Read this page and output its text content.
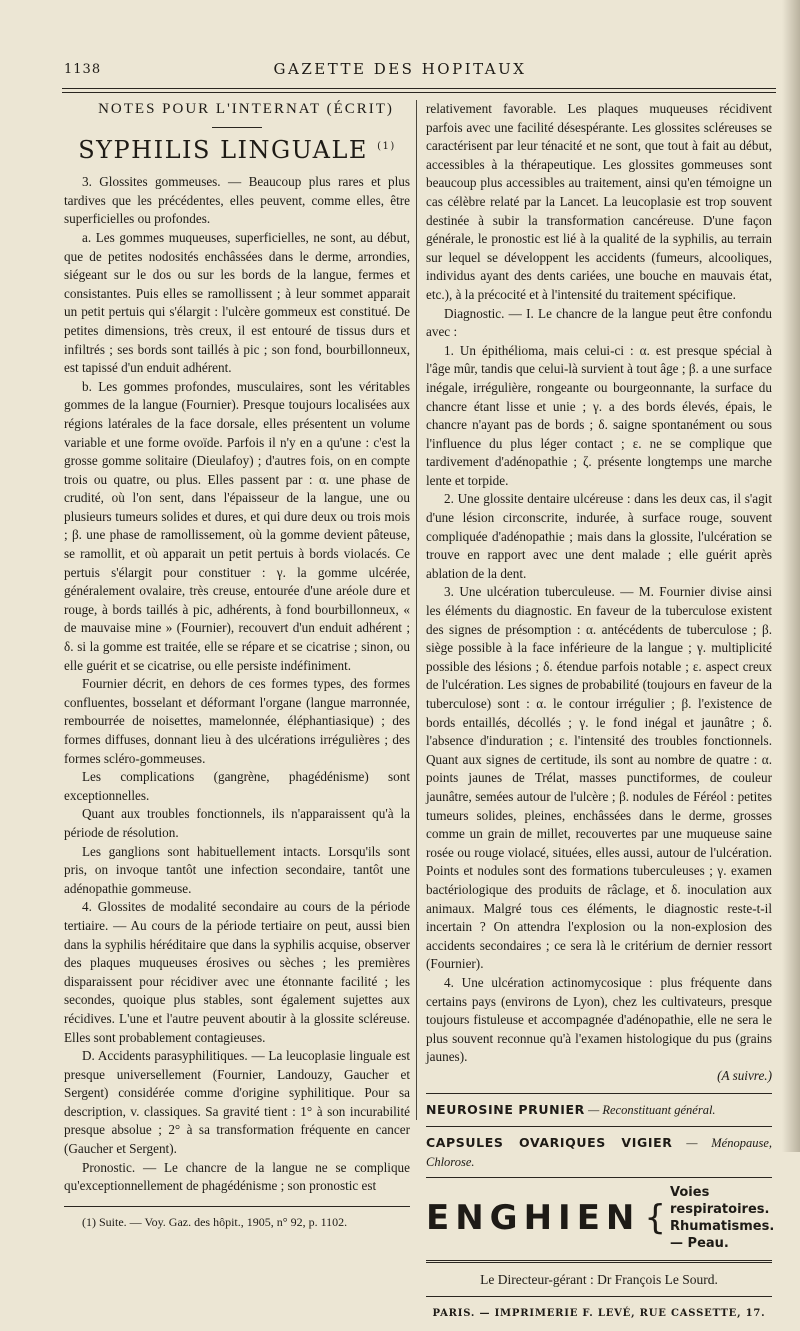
1138	GAZETTE DES HOPITAUX

NOTES POUR L'INTERNAT (ÉCRIT)

SYPHILIS LINGUALE $^{(1)}$

3. Glossites gommeuses. — Beaucoup plus rares et plus tardives que les précédentes, elles peuvent, comme elles, être superficielles ou profondes.

a. Les gommes muqueuses, superficielles, ne sont, au début, que de petites nodosités enchâssées dans le derme, arrondies, siégeant sur le dos ou sur les bords de la langue, fermes et consistantes. Puis elles se ramollissent ; à leur sommet apparait un petit pertuis qui s'élargit : l'ulcère gommeux est constitué. De petites dimensions, très creux, il est entouré de tissus durs et infiltrés ; ses bords sont taillés à pic ; son fond, bourbillonneux, est tapissé d'un enduit adhérent.

b. Les gommes profondes, musculaires, sont les véritables gommes de la langue (Fournier). Presque toujours localisées aux régions latérales de la face dorsale, elles présentent un volume variable et une forme ovoïde. Parfois il n'y en a qu'une : c'est la grosse gomme solitaire (Dieulafoy) ; d'autres fois, on en compte trois ou quatre, ou plus. Elles passent par : α. une phase de crudité, où l'on sent, dans l'épaisseur de la langue, une ou plusieurs tumeurs solides et dures, et qui dure deux ou trois mois ; β. une phase de ramollissement, où la gomme devient pâteuse, se ramollit, et où apparait un petit pertuis à bords violacés. Ce pertuis s'élargit pour constituer : γ. la gomme ulcérée, généralement ovalaire, très creuse, entourée d'une aréole dure et rouge, à bords taillés à pic, adhérents, à fond bourbillonneux, « de mauvaise mine » (Fournier), recouvert d'un enduit adhérent ; δ. si la gomme est traitée, elle se répare et se cicatrise ; sinon, ou elle guérit et se cicatrise, ou elle persiste indéfiniment.

Fournier décrit, en dehors de ces formes types, des formes confluentes, bosselant et déformant l'organe (langue marronnée, rembourrée de noisettes, mamelonnée, éléphantiasique) ; des formes diffuses, donnant lieu à des ulcérations irrégulières ; des formes scléro-gommeuses.

Les complications (gangrène, phagédénisme) sont exceptionnelles.

Quant aux troubles fonctionnels, ils n'apparaissent qu'à la période de résolution.

Les ganglions sont habituellement intacts. Lorsqu'ils sont pris, on invoque tantôt une infection secondaire, tantôt une adénopathie gommeuse.

4. Glossites de modalité secondaire au cours de la période tertiaire. — Au cours de la période tertiaire on peut, aussi bien dans la syphilis héréditaire que dans la syphilis acquise, observer des plaques muqueuses érosives ou sèches ; les premières disparaissent pour récidiver avec une étonnante facilité ; les secondes, quoique plus stables, sont également sujettes aux récidives. L'une et l'autre peuvent aboutir à la glossite scléreuse. Elles sont probablement contagieuses.

D. Accidents parasyphilitiques. — La leucoplasie linguale est presque universellement (Fournier, Landouzy, Gaucher et Sergent) considérée comme d'origine syphilitique. Pour sa description, v. classiques. Sa gravité tient : 1° à son incurabilité presque absolue ; 2° à sa transformation fréquente en cancer (Gaucher et Sergent).

Pronostic. — Le chancre de la langue ne se complique qu'exceptionnellement de phagédénisme ; son pronostic est

(1) Suite. — Voy. Gaz. des hôpit., 1905, n° 92, p. 1102.

relativement favorable. Les plaques muqueuses récidivent parfois avec une facilité désespérante. Les glossites scléreuses se caractérisent par leur ténacité et ne sont, que tout à fait au début, accessibles à la thérapeutique. Les glossites gommeuses sont beaucoup plus accessibles au traitement, ainsi qu'en témoigne un cas célèbre relaté par la Lancet. La leucoplasie est trop souvent destinée à subir la transformation cancéreuse. D'une façon générale, le pronostic est lié à la qualité de la syphilis, au terrain sur lequel se développent les accidents (fumeurs, alcooliques, individus ayant des dents cariées, une bouche en mauvais état, etc.), à la précocité et à l'intensité du traitement spécifique.

Diagnostic. — I. Le chancre de la langue peut être confondu avec :

1. Un épithélioma, mais celui-ci : α. est presque spécial à l'âge mûr, tandis que celui-là survient à tout âge ; β. a une surface inégale, irrégulière, rongeante ou bourgeonnante, la surface du chancre étant lisse et unie ; γ. a des bords élevés, épais, le chancre n'ayant pas de bords ; δ. saigne spontanément ou sous l'influence du plus léger contact ; ε. ne se complique que tardivement d'adénopathie ; ζ. présente longtemps une marche lente et torpide.

2. Une glossite dentaire ulcéreuse : dans les deux cas, il s'agit d'une lésion circonscrite, indurée, à surface rouge, souvent compliquée d'adénopathie ; mais dans la glossite, l'ulcération se trouve en rapport avec une dent malade ; elle guérit après ablation de la dent.

3. Une ulcération tuberculeuse. — M. Fournier divise ainsi les éléments du diagnostic. En faveur de la tuberculose existent des signes de présomption : α. antécédents de tuberculose ; β. siège possible à la face inférieure de la langue ; γ. multiplicité possible des lésions ; δ. étendue parfois notable ; ε. aspect creux de l'ulcération. Les signes de probabilité (toujours en faveur de la tuberculose) sont : α. le contour irrégulier ; β. l'existence de bords entaillés, décollés ; γ. le fond inégal et jaunâtre ; δ. l'absence d'induration ; ε. l'intensité des troubles fonctionnels. Quant aux signes de certitude, ils sont au nombre de quatre : α. points jaunes de Trélat, masses punctiformes, de couleur jaunâtre, semées autour de l'ulcère ; β. nodules de Féréol : petites tumeurs solides, pleines, enchâssées dans le derme, grosses comme un grain de millet, recouvertes par une muqueuse saine rosée ou rouge violacé, situées, elles aussi, autour de l'ulcération. Points et nodules sont des formations tuberculeuses ; γ. examen bactériologique des produits de râclage, et δ. inoculation aux animaux. Malgré tous ces éléments, le diagnostic reste-t-il incertain ? On attendra l'explosion ou la non-explosion des accidents secondaires ; ce sera là le critérium de dernier ressort (Fournier).

4. Une ulcération actinomycosique : plus fréquente dans certains pays (environs de Lyon), chez les cultivateurs, presque toujours fistuleuse et accompagnée d'adénopathie, elle ne sera le plus souvent reconnue qu'à l'examen histologique du pus (grains jaunes).

(A suivre.)

NEUROSINE PRUNIER — Reconstituant général.
CAPSULES OVARIQUES VIGIER — Ménopause, Chlorose.
ENGHIEN {
Voies respiratoires.
Rhumatismes. — Peau.
Le Directeur-gérant : Dr François Le Sourd.
PARIS. — IMPRIMERIE F. LEVÉ, RUE CASSETTE, 17.
